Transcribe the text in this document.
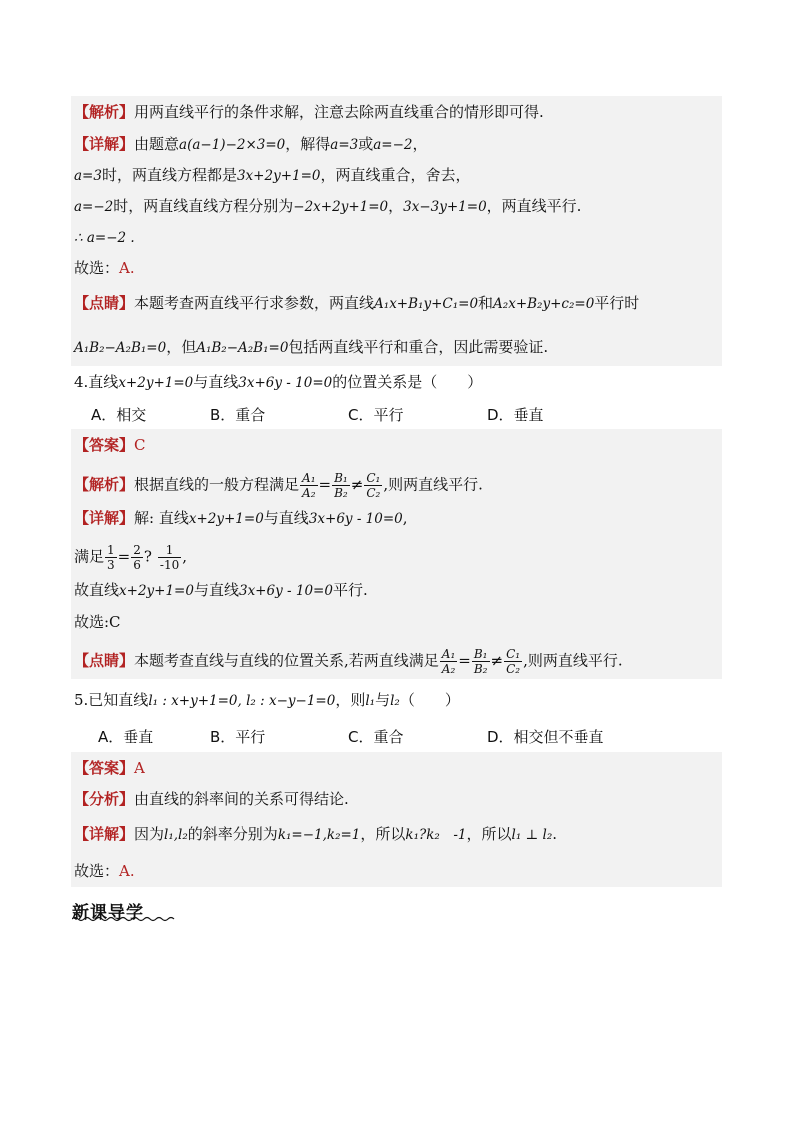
【解析】用两直线平行的条件求解，注意去除两直线重合的情形即可得.
【详解】由题意a(a−1)−2×3=0，解得a=3或a=−2，
a=3时，两直线方程都是3x+2y+1=0，两直线重合，舍去，
a=−2时，两直线直线方程分别为−2x+2y+1=0，3x−3y+1=0，两直线平行.
∴ a=−2 .
故选：A.
【点睛】本题考查两直线平行求参数，两直线A₁x+B₁y+C₁=0和A₂x+B₂y+c₂=0平行时
A₁B₂−A₂B₁=0，但A₁B₂−A₂B₁=0包括两直线平行和重合，因此需要验证.
4.直线x+2y+1=0与直线3x+6y - 10=0的位置关系是（　　）
A．相交	B．重合	C．平行	D．垂直
【答案】C
【解析】根据直线的一般方程满足 $\frac{\text{A₁}}{\text{A₂}} = \frac{\text{B₁}}{\text{B₂}} \ne \frac{\text{C₁}}{\text{C₂}}$ ,则两直线平行.
【详解】解: 直线x+2y+1=0与直线3x+6y - 10=0,
满足 $\frac{1}{3} = \frac{2}{6}$ ? $\frac{1}{-10}$ ,
故直线x+2y+1=0与直线3x+6y - 10=0平行.
故选:C
【点睛】本题考查直线与直线的位置关系,若两直线满足 $\frac{\text{A₁}}{\text{A₂}} = \frac{\text{B₁}}{\text{B₂}} \ne \frac{\text{C₁}}{\text{C₂}}$ ,则两直线平行.
5.已知直线l₁ : x+y+1=0, l₂ : x−y−1=0，则l₁与l₂（　　）
A．垂直	B．平行	C．重合	D．相交但不垂直
【答案】A
【分析】由直线的斜率间的关系可得结论.
【详解】因为l₁,l₂的斜率分别为k₁=−1,k₂=1，所以k₁?k₂　-1，所以l₁ ⊥ l₂.
故选：A.
新课导学
